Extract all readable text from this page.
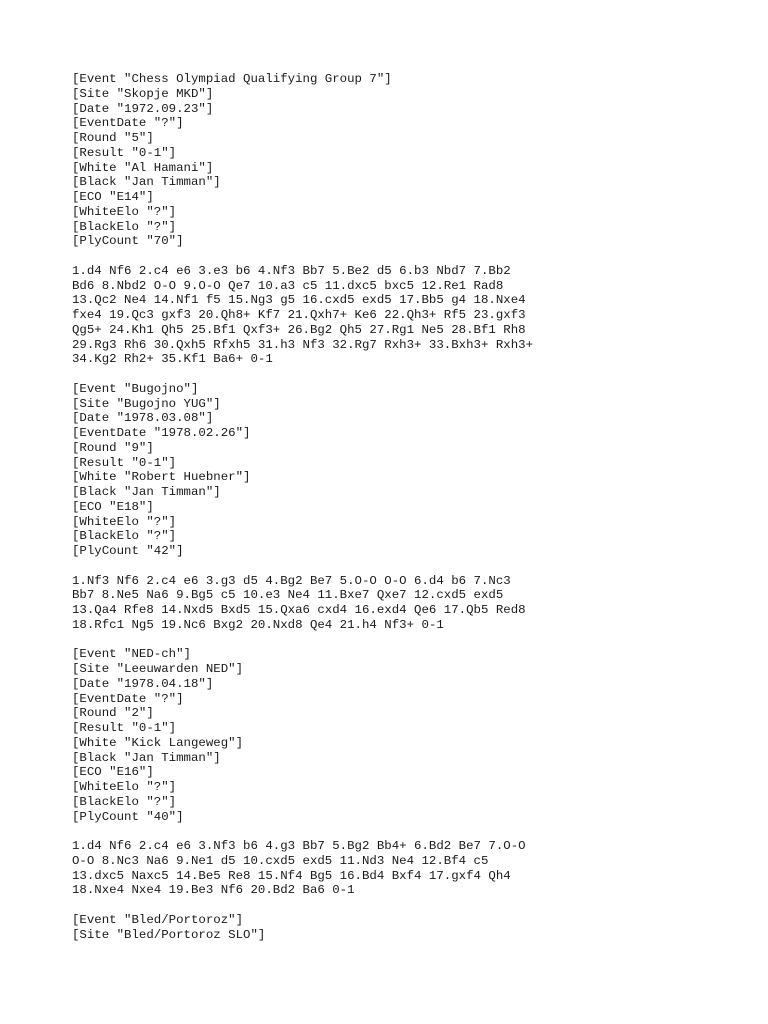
[Event "Chess Olympiad Qualifying Group 7"]
[Site "Skopje MKD"]
[Date "1972.09.23"]
[EventDate "?"]
[Round "5"]
[Result "0-1"]
[White "Al Hamani"]
[Black "Jan Timman"]
[ECO "E14"]
[WhiteElo "?"]
[BlackElo "?"]
[PlyCount "70"]
1.d4 Nf6 2.c4 e6 3.e3 b6 4.Nf3 Bb7 5.Be2 d5 6.b3 Nbd7 7.Bb2
Bd6 8.Nbd2 O-O 9.O-O Qe7 10.a3 c5 11.dxc5 bxc5 12.Re1 Rad8
13.Qc2 Ne4 14.Nf1 f5 15.Ng3 g5 16.cxd5 exd5 17.Bb5 g4 18.Nxe4
fxe4 19.Qc3 gxf3 20.Qh8+ Kf7 21.Qxh7+ Ke6 22.Qh3+ Rf5 23.gxf3
Qg5+ 24.Kh1 Qh5 25.Bf1 Qxf3+ 26.Bg2 Qh5 27.Rg1 Ne5 28.Bf1 Rh8
29.Rg3 Rh6 30.Qxh5 Rfxh5 31.h3 Nf3 32.Rg7 Rxh3+ 33.Bxh3+ Rxh3+
34.Kg2 Rh2+ 35.Kf1 Ba6+ 0-1
[Event "Bugojno"]
[Site "Bugojno YUG"]
[Date "1978.03.08"]
[EventDate "1978.02.26"]
[Round "9"]
[Result "0-1"]
[White "Robert Huebner"]
[Black "Jan Timman"]
[ECO "E18"]
[WhiteElo "?"]
[BlackElo "?"]
[PlyCount "42"]
1.Nf3 Nf6 2.c4 e6 3.g3 d5 4.Bg2 Be7 5.O-O O-O 6.d4 b6 7.Nc3
Bb7 8.Ne5 Na6 9.Bg5 c5 10.e3 Ne4 11.Bxe7 Qxe7 12.cxd5 exd5
13.Qa4 Rfe8 14.Nxd5 Bxd5 15.Qxa6 cxd4 16.exd4 Qe6 17.Qb5 Red8
18.Rfc1 Ng5 19.Nc6 Bxg2 20.Nxd8 Qe4 21.h4 Nf3+ 0-1
[Event "NED-ch"]
[Site "Leeuwarden NED"]
[Date "1978.04.18"]
[EventDate "?"]
[Round "2"]
[Result "0-1"]
[White "Kick Langeweg"]
[Black "Jan Timman"]
[ECO "E16"]
[WhiteElo "?"]
[BlackElo "?"]
[PlyCount "40"]
1.d4 Nf6 2.c4 e6 3.Nf3 b6 4.g3 Bb7 5.Bg2 Bb4+ 6.Bd2 Be7 7.O-O
O-O 8.Nc3 Na6 9.Ne1 d5 10.cxd5 exd5 11.Nd3 Ne4 12.Bf4 c5
13.dxc5 Naxc5 14.Be5 Re8 15.Nf4 Bg5 16.Bd4 Bxf4 17.gxf4 Qh4
18.Nxe4 Nxe4 19.Be3 Nf6 20.Bd2 Ba6 0-1
[Event "Bled/Portoroz"]
[Site "Bled/Portoroz SLO"]
